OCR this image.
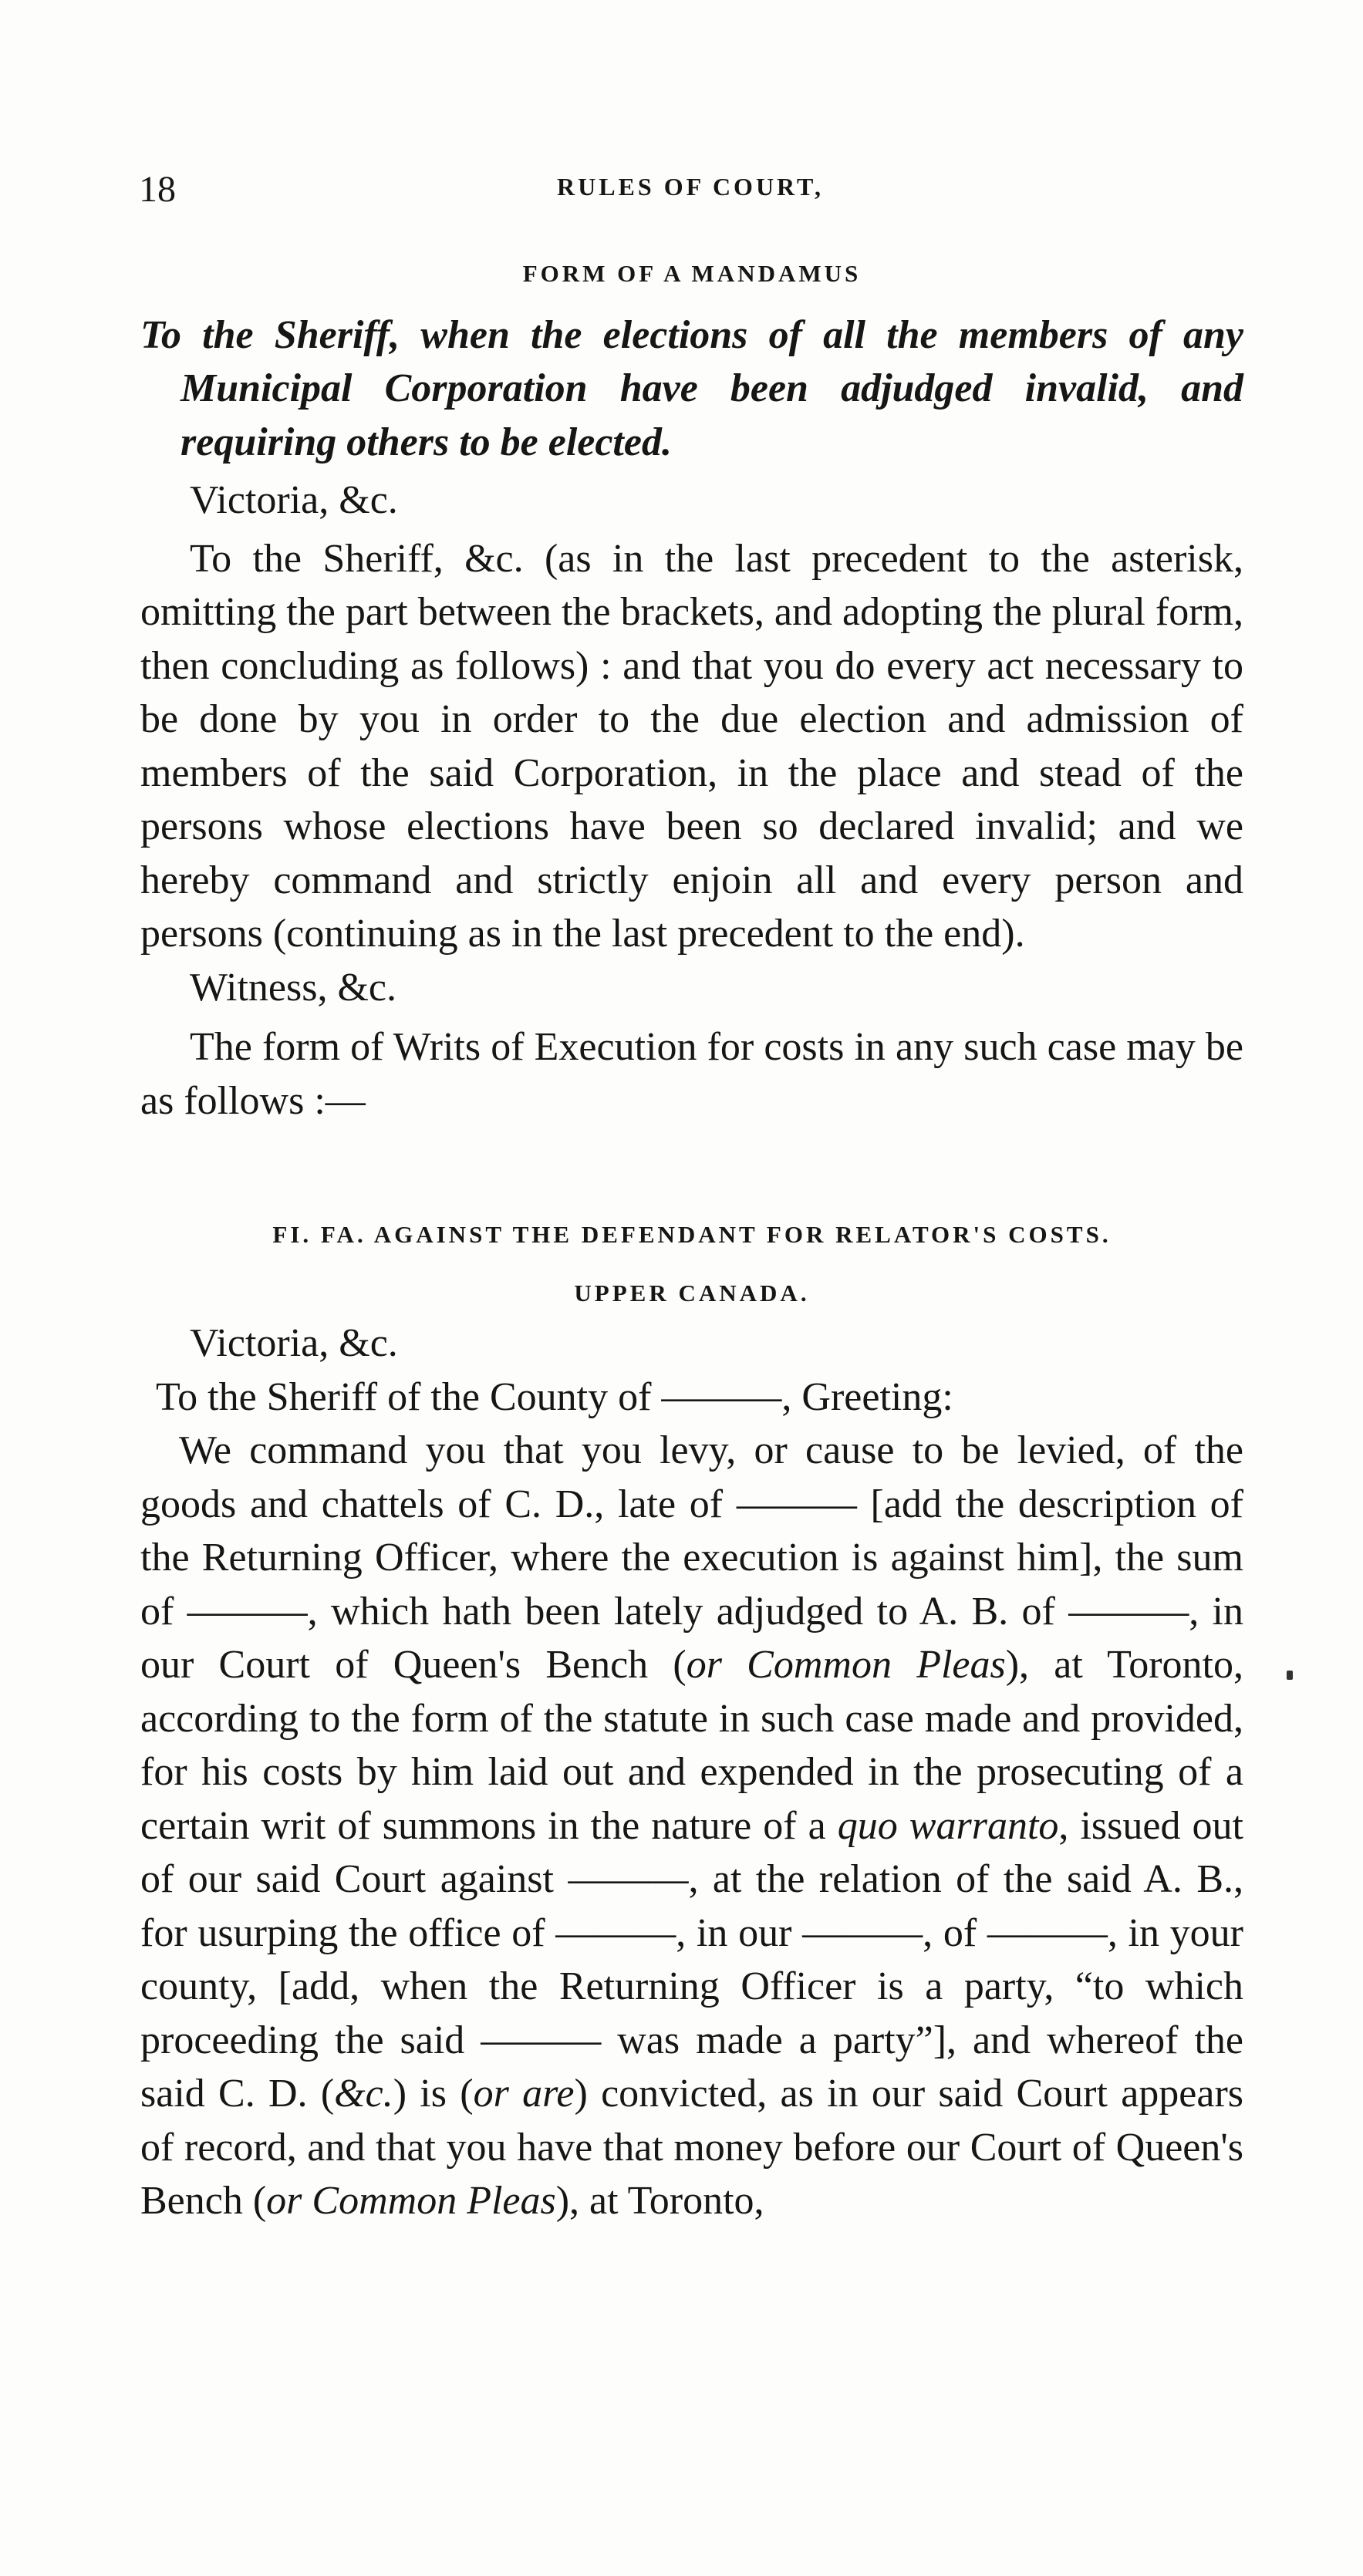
18	RULES OF COURT,
FORM OF A MANDAMUS

To the Sheriff, when the elections of all the members of any Municipal Corporation have been adjudged invalid, and requiring others to be elected.

Victoria, &c.

To the Sheriff, &c. (as in the last precedent to the asterisk, omitting the part between the brackets, and adopting the plural form, then concluding as follows) : and that you do every act necessary to be done by you in order to the due election and admission of members of the said Corporation, in the place and stead of the persons whose elections have been so declared invalid; and we hereby command and strictly enjoin all and every person and persons (continuing as in the last precedent to the end).

Witness, &c.

The form of Writs of Execution for costs in any such case may be as follows :—

FI. FA. AGAINST THE DEFENDANT FOR RELATOR'S COSTS.
UPPER CANADA.

Victoria, &c.

To the Sheriff of the County of ———, Greeting:

We command you that you levy, or cause to be levied, of the goods and chattels of C. D., late of ——— [add the description of the Returning Officer, where the execution is against him], the sum of ———, which hath been lately adjudged to A. B. of ———, in our Court of Queen's Bench (or Common Pleas), at Toronto, according to the form of the statute in such case made and provided, for his costs by him laid out and expended in the prosecuting of a certain writ of summons in the nature of a quo warranto, issued out of our said Court against ———, at the relation of the said A. B., for usurping the office of ———, in our ———, of ———, in your county, [add, when the Returning Officer is a party, “to which proceeding the said ——— was made a party”], and whereof the said C. D. (&c.) is (or are) convicted, as in our said Court appears of record, and that you have that money before our Court of Queen's Bench (or Common Pleas), at Toronto,
